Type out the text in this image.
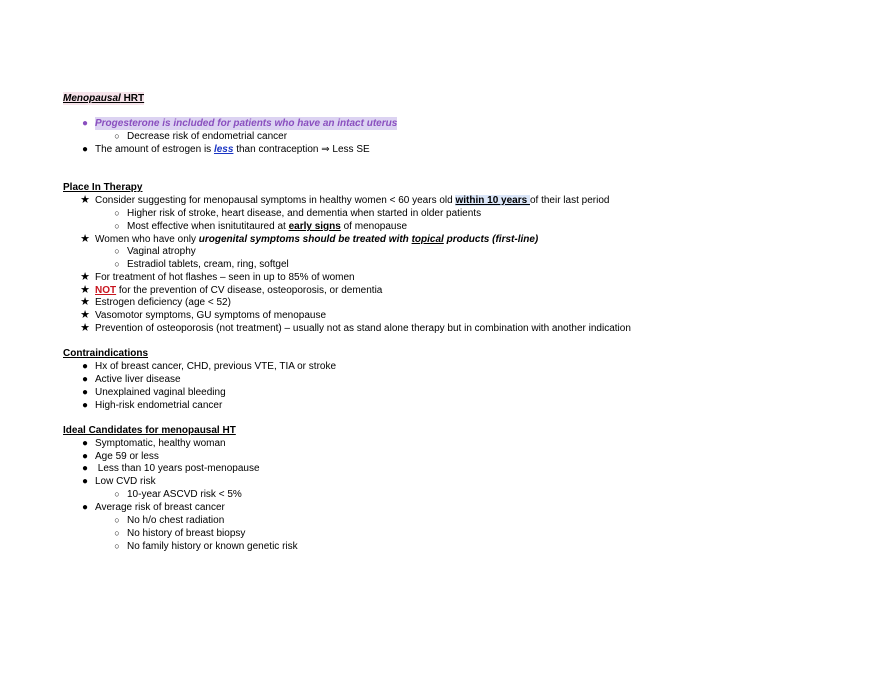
Menopausal HRT
● Progesterone is included for patients who have an intact uterus
○ Decrease risk of endometrial cancer
● The amount of estrogen is less than contraception ⇒ Less SE
Place In Therapy
★ Consider suggesting for menopausal symptoms in healthy women < 60 years old within 10 years of their last period
○ Higher risk of stroke, heart disease, and dementia when started in older patients
○ Most effective when isnitutitaured at early signs of menopause
★ Women who have only urogenital symptoms should be treated with topical products (first-line)
○ Vaginal atrophy
○ Estradiol tablets, cream, ring, softgel
★ For treatment of hot flashes – seen in up to 85% of women
★ NOT for the prevention of CV disease, osteoporosis, or dementia
★ Estrogen deficiency (age < 52)
★ Vasomotor symptoms, GU symptoms of menopause
★ Prevention of osteoporosis (not treatment) – usually not as stand alone therapy but in combination with another indication
Contraindications
● Hx of breast cancer, CHD, previous VTE, TIA or stroke
● Active liver disease
● Unexplained vaginal bleeding
● High-risk endometrial cancer
Ideal Candidates for menopausal HT
● Symptomatic, healthy woman
● Age 59 or less
● Less than 10 years post-menopause
● Low CVD risk
○ 10-year ASCVD risk < 5%
● Average risk of breast cancer
○ No h/o chest radiation
○ No history of breast biopsy
○ No family history or known genetic risk
